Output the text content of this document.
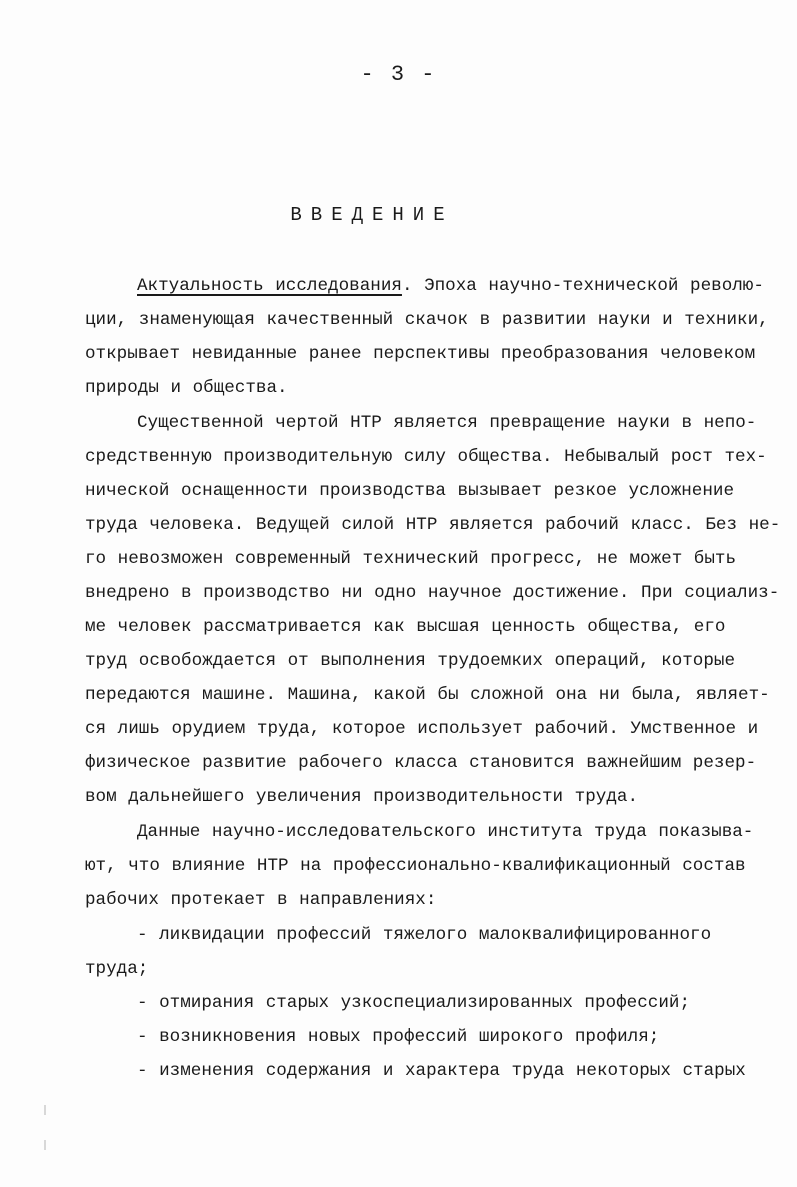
- 3 -
ВВЕДЕНИЕ
Актуальность исследования. Эпоха научно-технической револю-
ции, знаменующая качественный скачок в развитии науки и техники,
открывает невиданные ранее перспективы преобразования человеком
природы и общества.
Существенной чертой НТР является превращение науки в непо-
средственную производительную силу общества. Небывалый рост тех-
нической оснащенности производства вызывает резкое усложнение
труда человека. Ведущей силой НТР является рабочий класс. Без не-
го невозможен современный технический прогресс, не может быть
внедрено в производство ни одно научное достижение. При социализ-
ме человек рассматривается как высшая ценность общества, его
труд освобождается от выполнения трудоемких операций, которые
передаются машине. Машина, какой бы сложной она ни была, являет-
ся лишь орудием труда, которое использует рабочий. Умственное и
физическое развитие рабочего класса становится важнейшим резер-
вом дальнейшего увеличения производительности труда.
Данные научно-исследовательского института труда показыва-
ют, что влияние НТР на профессионально-квалификационный состав
рабочих протекает в направлениях:
- ликвидации профессий тяжелого малоквалифицированного
труда;
- отмирания старых узкоспециализированных профессий;
- возникновения новых профессий широкого профиля;
- изменения содержания и характера труда некоторых старых
